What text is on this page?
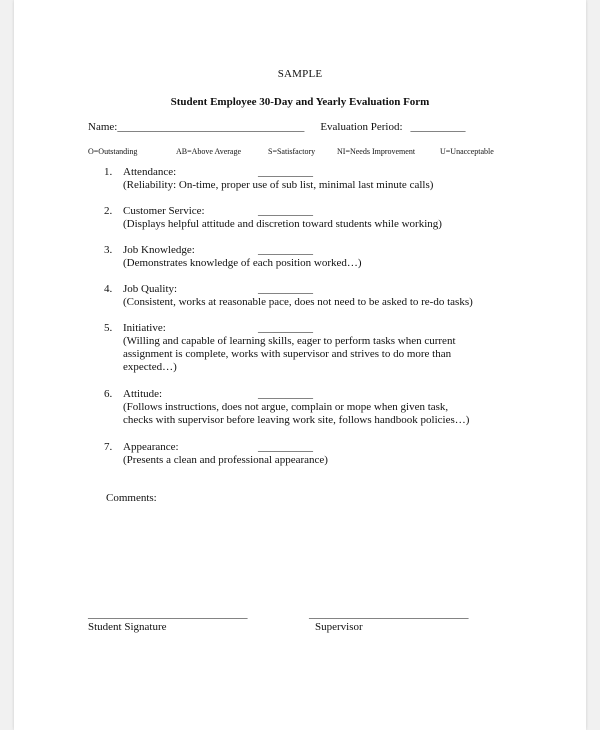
SAMPLE
Student Employee 30-Day and Yearly Evaluation Form
Name:__________________________________ Evaluation Period: __________
O=Outstanding	AB=Above Average	S=Satisfactory	NI=Needs Improvement	U=Unacceptable
1. Attendance:	__________
(Reliability: On-time, proper use of sub list, minimal last minute calls)
2. Customer Service:	__________
(Displays helpful attitude and discretion toward students while working)
3. Job Knowledge:	__________
(Demonstrates knowledge of each position worked…)
4. Job Quality:	__________
(Consistent, works at reasonable pace, does not need to be asked to re-do tasks)
5. Initiative:	__________
(Willing and capable of learning skills, eager to perform tasks when current assignment is complete, works with supervisor and strives to do more than expected…)
6. Attitude:	__________
(Follows instructions, does not argue, complain or mope when given task, checks with supervisor before leaving work site, follows handbook policies…)
7. Appearance:	__________
(Presents a clean and professional appearance)
Comments:
_____________________________
Student Signature
_____________________________
Supervisor
